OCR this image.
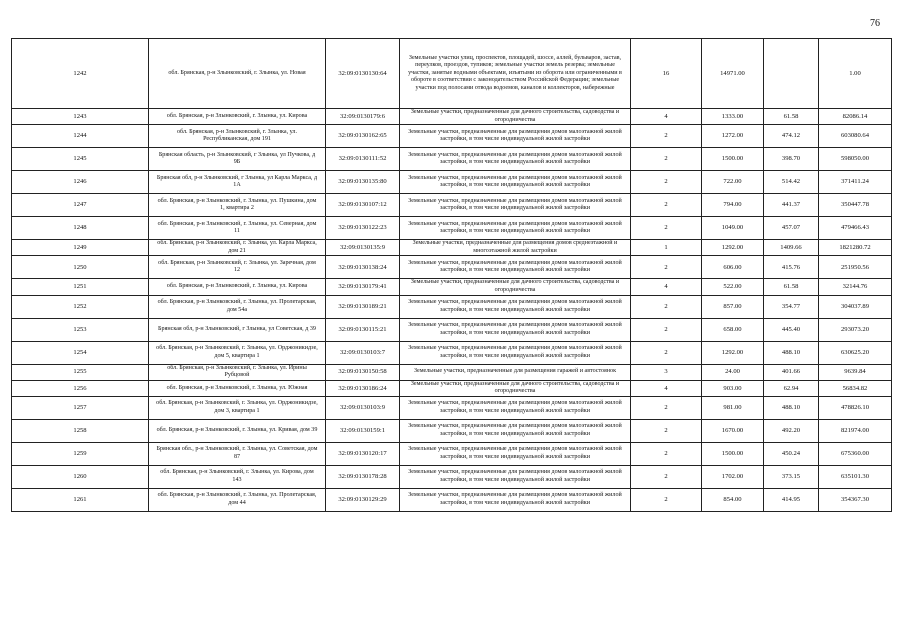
76
1242	обл. Брянская, р-н Злынковский, г. Злынка, ул. Новая	32:09:0130130:64	Земельные участки улиц, проспектов, площадей, шоссе, аллей, бульваров, застав, переулков, проездов, тупиков; земельные участки земель резерва; земельные участки, занятые водными объектами, изъятыми из оборота или ограниченными в обороте в соответствии с законодательством Российской Федерации; земельные участки под полосами отвода водоемов, каналов и коллекторов, набережные	16	14971.00		1.00
1243	обл. Брянская, р-н Злынковский, г. Злынка, ул. Кирова	32:09:0130179:6	Земельные участки, предназначенные для дачного строительства, садоводства и огородничества	4	1333.00	61.58	82086.14
1244	обл. Брянская, р-н Злынковский, г. Злынка, ул. Республиканская, дом 191	32:09:0130162:65	Земельные участки, предназначенные для размещения домов малоэтажной жилой застройки, в том числе индивидуальной жилой застройки	2	1272.00	474.12	603080.64
1245	Брянская область, р-н Злынковский, г Злынка, ул Пучкова, д 9Б	32:09:0130111:52	Земельные участки, предназначенные для размещения домов малоэтажной жилой застройки, в том числе индивидуальной жилой застройки	2	1500.00	398.70	598050.00
1246	Брянская обл, р-н Злынковский, г Злынка, ул Карла Маркса, д 1А	32:09:0130135:80	Земельные участки, предназначенные для размещения домов малоэтажной жилой застройки, в том числе индивидуальной жилой застройки	2	722.00	514.42	371411.24
1247	обл. Брянская, р-н Злынковский, г. Злынка, ул. Пушкина, дом 1, квартира 2	32:09:0130107:12	Земельные участки, предназначенные для размещения домов малоэтажной жилой застройки, в том числе индивидуальной жилой застройки	2	794.00	441.37	350447.78
1248	обл. Брянская, р-н Злынковский, г. Злынка, ул. Северная, дом 11	32:09:0130122:23	Земельные участки, предназначенные для размещения домов малоэтажной жилой застройки, в том числе индивидуальной жилой застройки	2	1049.00	457.07	479466.43
1249	обл. Брянская, р-н Злынковский, г. Злынка, ул. Карла Маркса, дом 21	32:09:0130135:9	Земельные участки, предназначенные для размещения домов среднеэтажной и многоэтажной жилой застройки	1	1292.00	1409.66	1821280.72
1250	обл. Брянская, р-н Злынковский, г. Злынка, ул. Заречная, дом 12	32:09:0130138:24	Земельные участки, предназначенные для размещения домов малоэтажной жилой застройки, в том числе индивидуальной жилой застройки	2	606.00	415.76	251950.56
1251	обл. Брянская, р-н Злынковский, г. Злынка, ул. Кирова	32:09:0130179:41	Земельные участки, предназначенные для дачного строительства, садоводства и огородничества	4	522.00	61.58	32144.76
1252	обл. Брянская, р-н Злынковский, г. Злынка, ул. Пролетарская, дом 54а	32:09:0130189:21	Земельные участки, предназначенные для размещения домов малоэтажной жилой застройки, в том числе индивидуальной жилой застройки	2	857.00	354.77	304037.89
1253	Брянская обл, р-н Злынковский, г Злынка, ул Советская, д 39	32:09:0130115:21	Земельные участки, предназначенные для размещения домов малоэтажной жилой застройки, в том числе индивидуальной жилой застройки	2	658.00	445.40	293073.20
1254	обл. Брянская, р-н Злынковский, г. Злынка, ул. Орджоникидзе, дом 5, квартира 1	32:09:0130103:7	Земельные участки, предназначенные для размещения домов малоэтажной жилой застройки, в том числе индивидуальной жилой застройки	2	1292.00	488.10	630625.20
1255	обл. Брянская, р-н Злынковский, г. Злынка, ул. Ирины Рубцовой	32:09:0130150:58	Земельные участки, предназначенные для размещения гаражей и автостоянок	3	24.00	401.66	9639.84
1256	обл. Брянская, р-н Злынковский, г. Злынка, ул. Южная	32:09:0130186:24	Земельные участки, предназначенные для дачного строительства, садоводства и огородничества	4	903.00	62.94	56834.82
1257	обл. Брянская, р-н Злынковский, г. Злынка, ул. Орджоникидзе, дом 3, квартира 1	32:09:0130103:9	Земельные участки, предназначенные для размещения домов малоэтажной жилой застройки, в том числе индивидуальной жилой застройки	2	981.00	488.10	478826.10
1258	обл. Брянская, р-н Злынковский, г. Злынка, ул. Кривая, дом 39	32:09:0130159:1	Земельные участки, предназначенные для размещения домов малоэтажной жилой застройки, в том числе индивидуальной жилой застройки	2	1670.00	492.20	821974.00
1259	Брянская обл., р-н Злынковский, г. Злынка, ул. Советская, дом 87	32:09:0130120:17	Земельные участки, предназначенные для размещения домов малоэтажной жилой застройки, в том числе индивидуальной жилой застройки	2	1500.00	450.24	675360.00
1260	обл. Брянская, р-н Злынковский, г. Злынка, ул. Кирова, дом 143	32:09:0130178:28	Земельные участки, предназначенные для размещения домов малоэтажной жилой застройки, в том числе индивидуальной жилой застройки	2	1702.00	373.15	635101.30
1261	обл. Брянская, р-н Злынковский, г. Злынка, ул. Пролетарская, дом 44	32:09:0130129:29	Земельные участки, предназначенные для размещения домов малоэтажной жилой застройки, в том числе индивидуальной жилой застройки	2	854.00	414.95	354367.30
